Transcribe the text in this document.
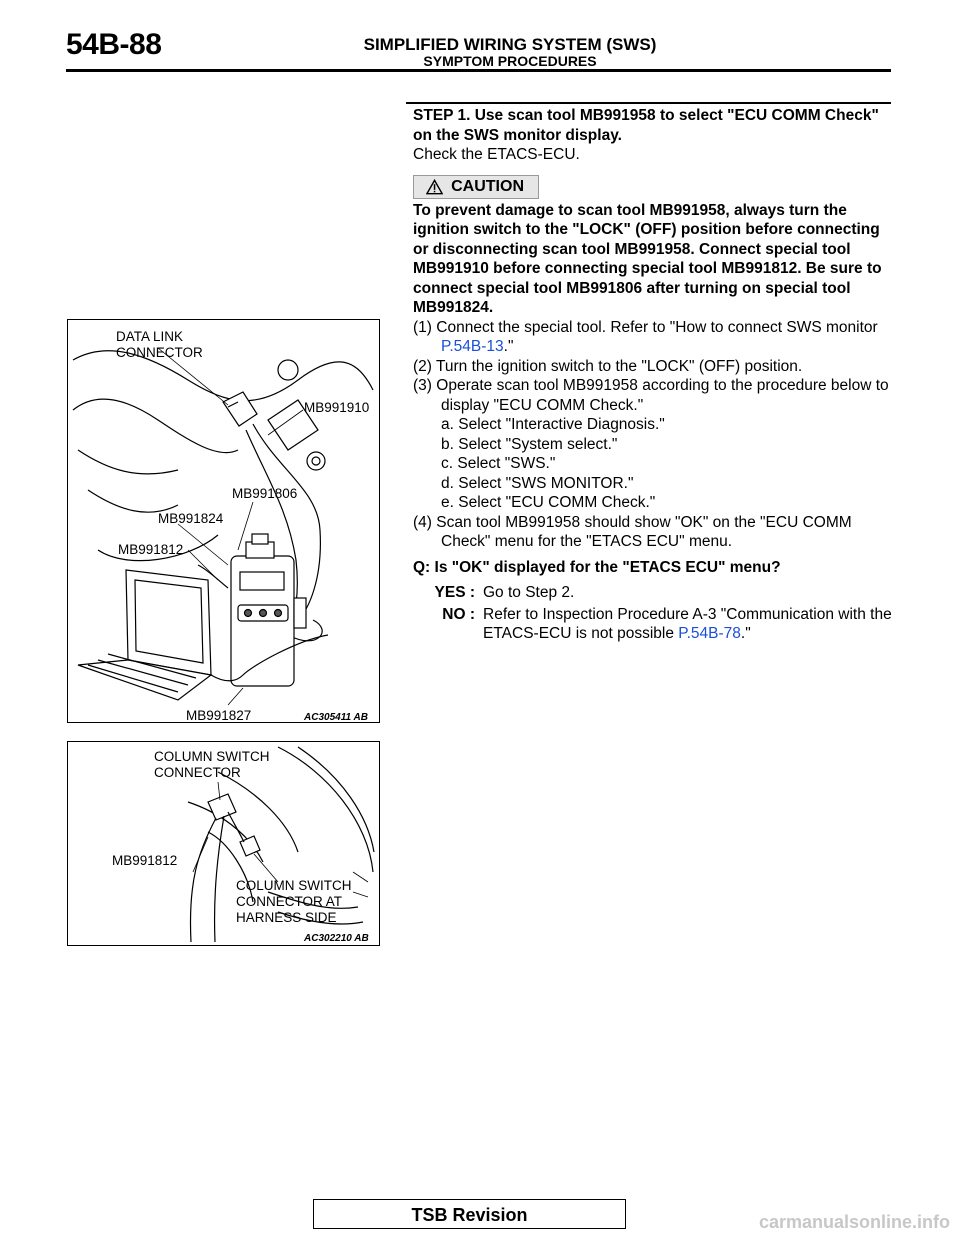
54B-88	SIMPLIFIED WIRING SYSTEM (SWS)
SYMPTOM PROCEDURES
STEP 1. Use scan tool MB991958 to select "ECU COMM Check" on the SWS monitor display.
Check the ETACS-ECU.
CAUTION
To prevent damage to scan tool MB991958, always turn the ignition switch to the "LOCK" (OFF) position before connecting or disconnecting scan tool MB991958. Connect special tool MB991910 before connecting special tool MB991812. Be sure to connect special tool MB991806 after turning on special tool MB991824.
(1) Connect the special tool. Refer to "How to connect SWS monitor P.54B-13."
(2) Turn the ignition switch to the "LOCK" (OFF) position.
(3) Operate scan tool MB991958 according to the procedure below to display "ECU COMM Check."
a. Select "Interactive Diagnosis."
b. Select "System select."
c. Select "SWS."
d. Select "SWS MONITOR."
e. Select "ECU COMM Check."
(4) Scan tool MB991958 should show "OK" on the "ECU COMM Check" menu for the "ETACS ECU" menu.
Q: Is "OK" displayed for the "ETACS ECU" menu?
YES : Go to Step 2.
NO : Refer to Inspection Procedure A-3 "Communication with the ETACS-ECU is not possible P.54B-78."
DATA LINK
CONNECTOR
MB991910
MB991806
MB991824
MB991812
MB991827	AC305411 AB
COLUMN SWITCH
CONNECTOR
MB991812
COLUMN SWITCH
CONNECTOR AT
HARNESS SIDE
AC302210 AB
TSB Revision	carmanualsonline.info
